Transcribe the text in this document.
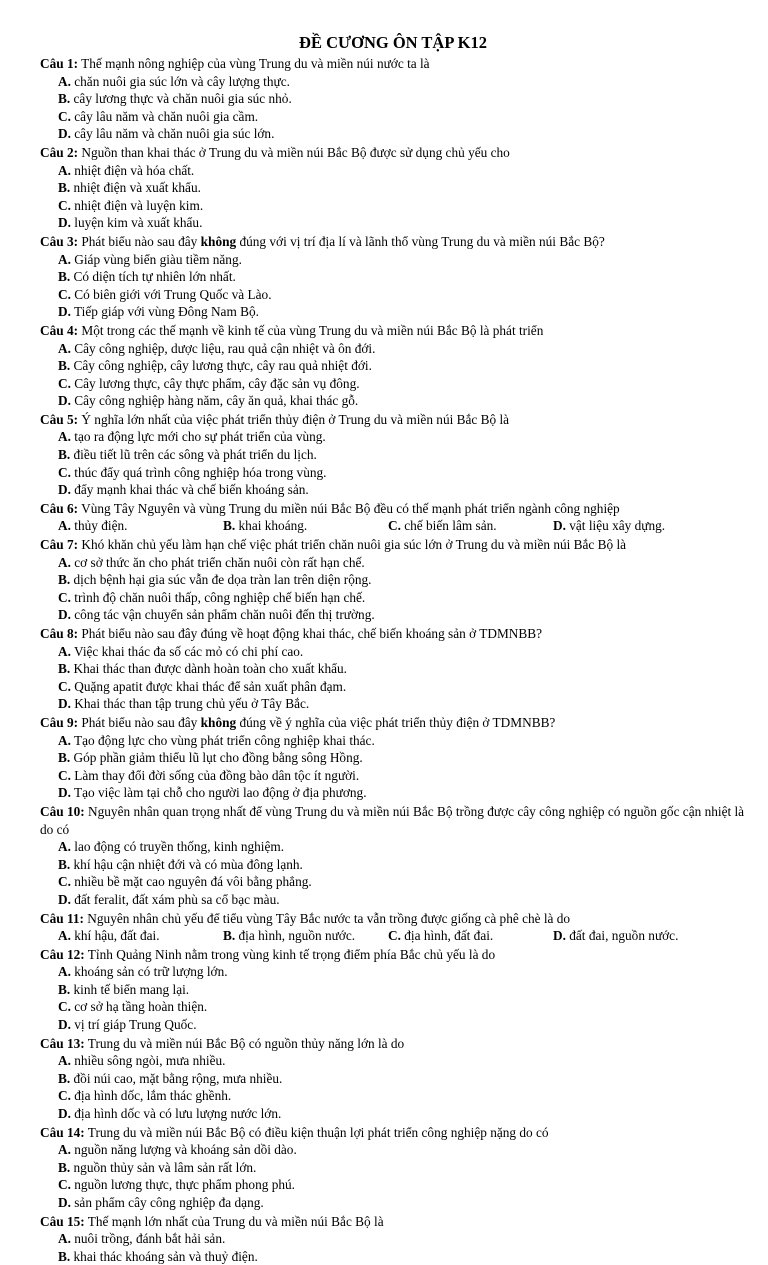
ĐỀ CƯƠNG ÔN TẬP K12
Câu 1: Thế mạnh nông nghiệp của vùng Trung du và miền núi nước ta là
A. chăn nuôi gia súc lớn và cây lượng thực.
B. cây lương thực và chăn nuôi gia súc nhỏ.
C. cây lâu năm và chăn nuôi gia cầm.
D. cây lâu năm và chăn nuôi gia súc lớn.
Câu 2: Nguồn than khai thác ở Trung du và miền núi Bắc Bộ được sử dụng chủ yếu cho
A. nhiệt điện và hóa chất.
B. nhiệt điện và xuất khẩu.
C. nhiệt điện và luyện kim.
D. luyện kim và xuất khẩu.
Câu 3: Phát biểu nào sau đây không đúng với vị trí địa lí và lãnh thổ vùng Trung du và miền núi Bắc Bộ?
A. Giáp vùng biển giàu tiềm năng.
B. Có diện tích tự nhiên lớn nhất.
C. Có biên giới với Trung Quốc và Lào.
D. Tiếp giáp với vùng Đông Nam Bộ.
Câu 4: Một trong các thế mạnh về kinh tế của vùng Trung du và miền núi Bắc Bộ là phát triển
A. Cây công nghiệp, dược liệu, rau quả cận nhiệt và ôn đới.
B. Cây công nghiệp, cây lương thực, cây rau quả nhiệt đới.
C. Cây lương thực, cây thực phẩm, cây đặc sản vụ đông.
D. Cây công nghiệp hàng năm, cây ăn quả, khai thác gỗ.
Câu 5: Ý nghĩa lớn nhất của việc phát triển thủy điện ở Trung du và miền núi Bắc Bộ là
A. tạo ra động lực mới cho sự phát triển của vùng.
B. điều tiết lũ trên các sông và phát triển du lịch.
C. thúc đẩy quá trình công nghiệp hóa trong vùng.
D. đẩy mạnh khai thác và chế biến khoáng sản.
Câu 6: Vùng Tây Nguyên và vùng Trung du miền núi Bắc Bộ đều có thế mạnh phát triển ngành công nghiệp
A. thủy điện.	B. khai khoáng.	C. chế biến lâm sản.	D. vật liệu xây dựng.
Câu 7: Khó khăn chủ yếu làm hạn chế việc phát triển chăn nuôi gia súc lớn ở Trung du và miền núi Bắc Bộ là
A. cơ sở thức ăn cho phát triển chăn nuôi còn rất hạn chế.
B. dịch bệnh hại gia súc vẫn đe dọa tràn lan trên diện rộng.
C. trình độ chăn nuôi thấp, công nghiệp chế biến hạn chế.
D. công tác vận chuyển sản phẩm chăn nuôi đến thị trường.
Câu 8: Phát biểu nào sau đây đúng về hoạt động khai thác, chế biến khoáng sản ở TDMNBB?
A. Việc khai thác đa số các mỏ có chi phí cao.
B. Khai thác than được dành hoàn toàn cho xuất khẩu.
C. Quặng apatit được khai thác để sản xuất phân đạm.
D. Khai thác than tập trung chủ yếu ở Tây Bắc.
Câu 9: Phát biểu nào sau đây không đúng về ý nghĩa của việc phát triển thủy điện ở TDMNBB?
A. Tạo động lực cho vùng phát triển công nghiệp khai thác.
B. Góp phần giảm thiểu lũ lụt cho đồng bằng sông Hồng.
C. Làm thay đổi đời sống của đồng bào dân tộc ít người.
D. Tạo việc làm tại chỗ cho người lao động ở địa phương.
Câu 10: Nguyên nhân quan trọng nhất để vùng Trung du và miền núi Bắc Bộ trồng được cây công nghiệp có nguồn gốc cận nhiệt là do có
A. lao động có truyền thống, kinh nghiệm.
B. khí hậu cận nhiệt đới và có mùa đông lạnh.
C. nhiều bề mặt cao nguyên đá vôi bằng phẳng.
D. đất feralit, đất xám phù sa cổ bạc màu.
Câu 11: Nguyên nhân chủ yếu để tiểu vùng Tây Bắc nước ta vẫn trồng được giống cà phê chè là do
A. khí hậu, đất đai.	B. địa hình, nguồn nước.	C. địa hình, đất đai.	D. đất đai, nguồn nước.
Câu 12: Tỉnh Quảng Ninh nằm trong vùng kinh tế trọng điểm phía Bắc chủ yếu là do
A. khoáng sản có trữ lượng lớn.
B. kinh tế biển mang lại.
C. cơ sở hạ tầng hoàn thiện.
D. vị trí giáp Trung Quốc.
Câu 13: Trung du và miền núi Bắc Bộ có nguồn thủy năng lớn là do
A. nhiều sông ngòi, mưa nhiều.
B. đồi núi cao, mặt bằng rộng, mưa nhiều.
C. địa hình dốc, lắm thác ghềnh.
D. địa hình dốc và có lưu lượng nước lớn.
Câu 14: Trung du và miền núi Bắc Bộ có điều kiện thuận lợi phát triển công nghiệp nặng do có
A. nguồn năng lượng và khoáng sản dồi dào.
B. nguồn thủy sản và lâm sản rất lớn.
C. nguồn lương thực, thực phẩm phong phú.
D. sản phẩm cây công nghiệp đa dạng.
Câu 15: Thế mạnh lớn nhất của Trung du và miền núi Bắc Bộ là
A. nuôi trồng, đánh bắt hải sản.
B. khai thác khoáng sản và thuỷ điện.
